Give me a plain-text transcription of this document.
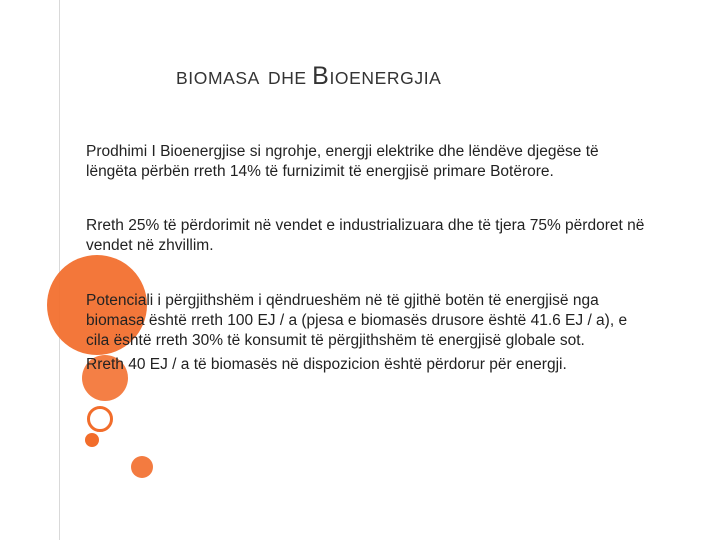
BIOMASA DHE BIOENERGJIA

Prodhimi I Bioenergjise si ngrohje, energji elektrike dhe lëndëve djegëse të lëngëta përbën rreth 14% të furnizimit të energjisë primare Botërore.

Rreth 25% të përdorimit në vendet e industrializuara dhe të tjera 75% përdoret në vendet në zhvillim.

Potenciali i përgjithshëm i qëndrueshëm në të gjithë botën të energjisë nga biomasa është rreth 100 EJ / a (pjesa e biomasës drusore është 41.6 EJ / a), e cila është rreth 30% të konsumit të përgjithshëm të energjisë globale sot.

Rreth 40 EJ / a të biomasës në dispozicion është përdorur për energji.
